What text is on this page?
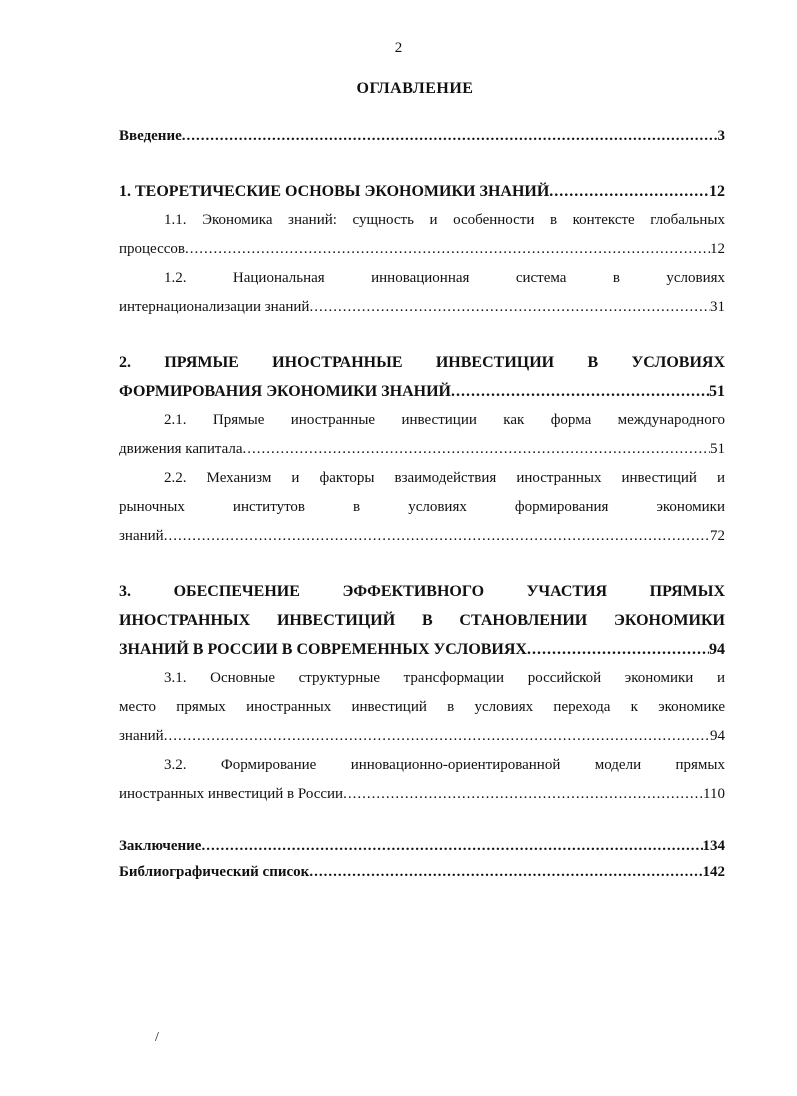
2
ОГЛАВЛЕНИЕ
Введение .....	3
1. ТЕОРЕТИЧЕСКИЕ ОСНОВЫ ЭКОНОМИКИ ЗНАНИЙ .....	12
1.1. Экономика знаний: сущность и особенности в контексте глобальных
процессов .....	12
1.2. Национальная инновационная система в условиях
интернационализации знаний .....	31
2. ПРЯМЫЕ ИНОСТРАННЫЕ ИНВЕСТИЦИИ В УСЛОВИЯХ
ФОРМИРОВАНИЯ ЭКОНОМИКИ ЗНАНИЙ .....	51
2.1. Прямые иностранные инвестиции как форма международного
движения капитала .....	51
2.2. Механизм и факторы взаимодействия иностранных инвестиций и
рыночных институтов в условиях формирования экономики
знаний .....	72
3. ОБЕСПЕЧЕНИЕ ЭФФЕКТИВНОГО УЧАСТИЯ ПРЯМЫХ
ИНОСТРАННЫХ ИНВЕСТИЦИЙ В СТАНОВЛЕНИИ ЭКОНОМИКИ
ЗНАНИЙ В РОССИИ В СОВРЕМЕННЫХ УСЛОВИЯХ .....	94
3.1. Основные структурные трансформации российской экономики и
место прямых иностранных инвестиций в условиях перехода к экономике
знаний .....	94
3.2. Формирование инновационно-ориентированной модели прямых
иностранных инвестиций в России .....	110
Заключение .....	134
Библиографический список .....	142
/
